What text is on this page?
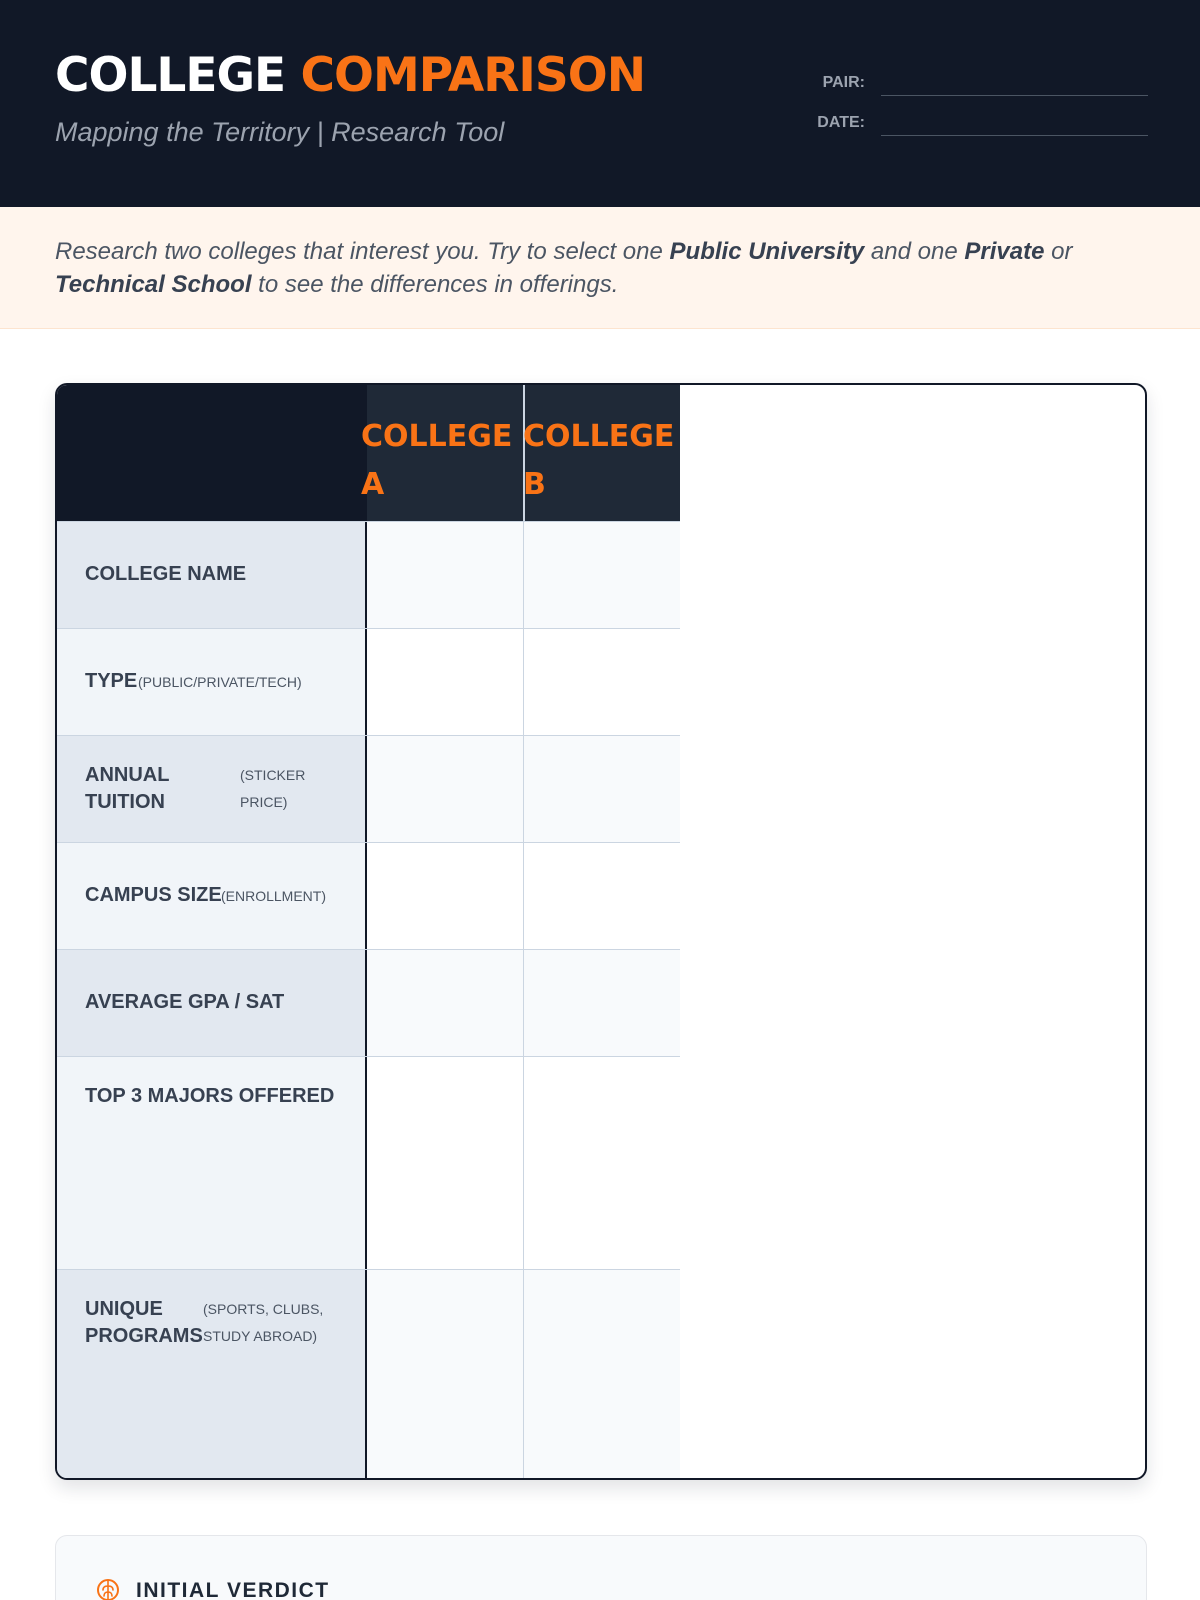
COLLEGE COMPARISON
Mapping the Territory | Research Tool
PAIR:
DATE:

Research two colleges that interest you. Try to select one Public University and one Private or Technical School to see the differences in offerings.

COLLEGE
A
COLLEGE
B
COLLEGE NAME
TYPE (PUBLIC/PRIVATE/TECH)
ANNUAL
TUITION
(STICKER
PRICE)
CAMPUS SIZE (ENROLLMENT)
AVERAGE GPA / SAT
TOP 3 MAJORS OFFERED
UNIQUE
PROGRAMS
(SPORTS, CLUBS,
STUDY ABROAD)
INITIAL VERDICT
